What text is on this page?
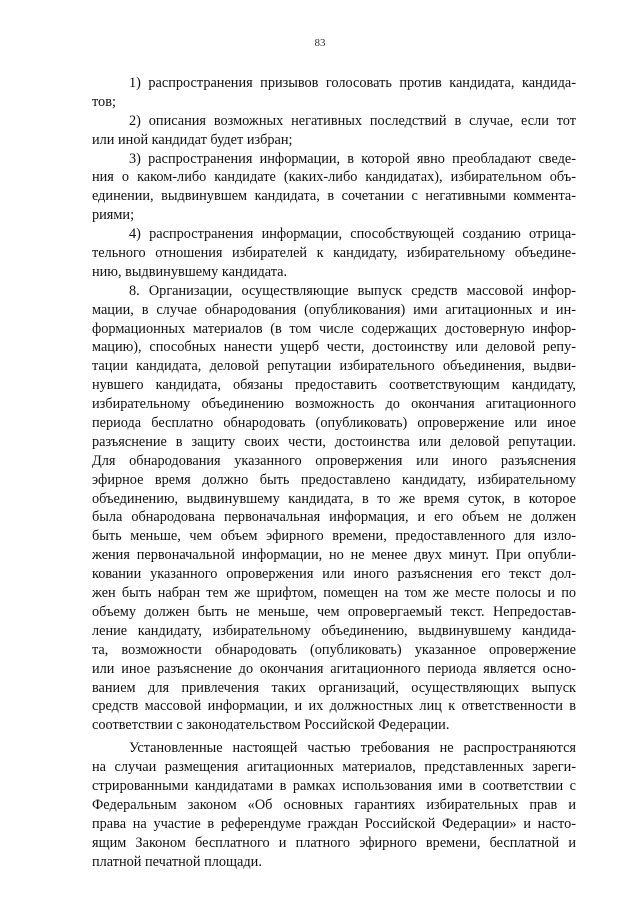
83
1) распространения призывов голосовать против кандидата, кандида-
тов;
2) описания возможных негативных последствий в случае, если тот
или иной кандидат будет избран;
3) распространения информации, в которой явно преобладают сведе-
ния о каком-либо кандидате (каких-либо кандидатах), избирательном объ-
единении, выдвинувшем кандидата, в сочетании с негативными коммента-
риями;
4) распространения информации, способствующей созданию отрица-
тельного отношения избирателей к кандидату, избирательному объедине-
нию, выдвинувшему кандидата.
8. Организации, осуществляющие выпуск средств массовой инфор-
мации, в случае обнародования (опубликования) ими агитационных и ин-
формационных материалов (в том числе содержащих достоверную инфор-
мацию), способных нанести ущерб чести, достоинству или деловой репу-
тации кандидата, деловой репутации избирательного объединения, выдви-
нувшего кандидата, обязаны предоставить соответствующим кандидату,
избирательному объединению возможность до окончания агитационного
периода бесплатно обнародовать (опубликовать) опровержение или иное
разъяснение в защиту своих чести, достоинства или деловой репутации.
Для обнародования указанного опровержения или иного разъяснения
эфирное время должно быть предоставлено кандидату, избирательному
объединению, выдвинувшему кандидата, в то же время суток, в которое
была обнародована первоначальная информация, и его объем не должен
быть меньше, чем объем эфирного времени, предоставленного для изло-
жения первоначальной информации, но не менее двух минут. При опубли-
ковании указанного опровержения или иного разъяснения его текст дол-
жен быть набран тем же шрифтом, помещен на том же месте полосы и по
объему должен быть не меньше, чем опровергаемый текст. Непредостав-
ление кандидату, избирательному объединению, выдвинувшему кандида-
та, возможности обнародовать (опубликовать) указанное опровержение
или иное разъяснение до окончания агитационного периода является осно-
ванием для привлечения таких организаций, осуществляющих выпуск
средств массовой информации, и их должностных лиц к ответственности в
соответствии с законодательством Российской Федерации.
Установленные настоящей частью требования не распространяются
на случаи размещения агитационных материалов, представленных зареги-
стрированными кандидатами в рамках использования ими в соответствии с
Федеральным законом «Об основных гарантиях избирательных прав и
права на участие в референдуме граждан Российской Федерации» и насто-
ящим Законом бесплатного и платного эфирного времени, бесплатной и
платной печатной площади.
